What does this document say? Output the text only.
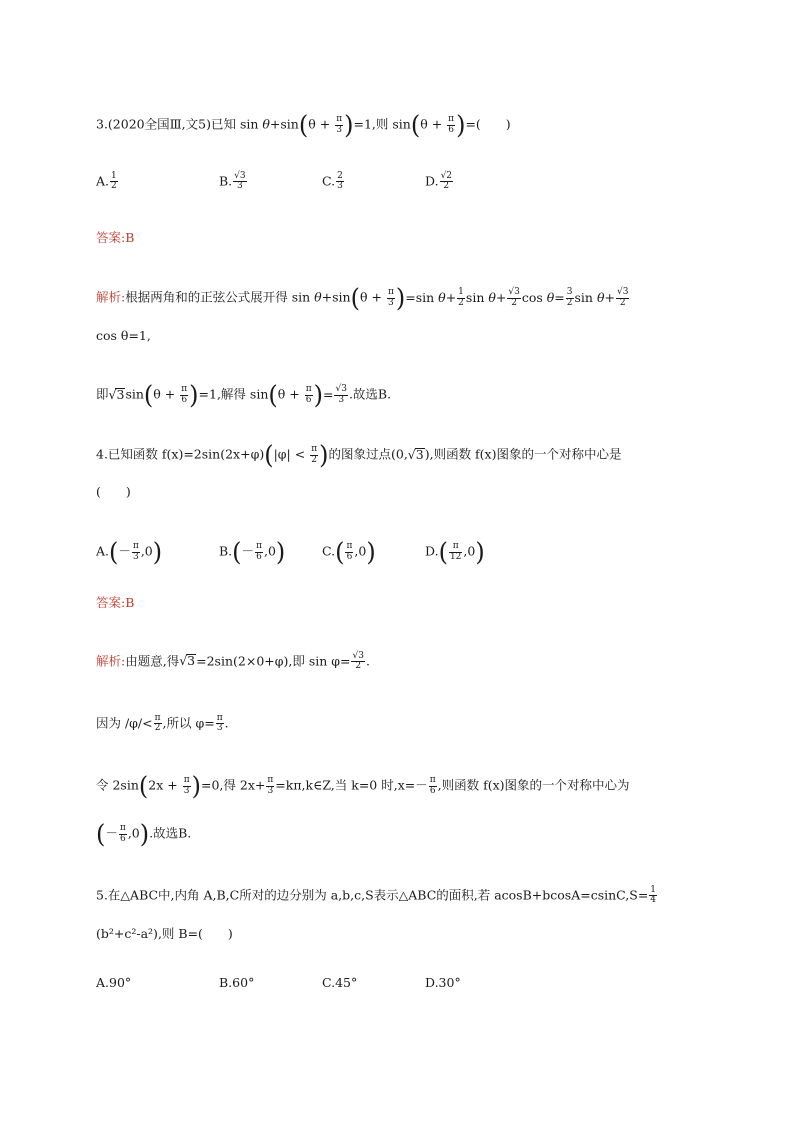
3.(2020全国Ⅲ,文5)已知 $\sin \theta+\sin(\theta + \frac{\pi}{3} )=1$,则 $\sin(\theta + \frac{\pi}{6}$ )=(　　)
A. $\frac{1}{2}$	B. $\frac{√3}{3}$	C. $\frac{2}{3}$	D. $\frac{√2}{2}$
答案:B
解析:根据两角和的正弦公式展开得 $\sin \theta+\sin(\theta + \frac{\pi}{3} )=\sin$ $\theta+ \frac{1}{2}$ $\sin \theta+ \frac{√3}{2}$ $\cos \theta= \frac{3}{2}$ $\sin \theta+ \frac{√3}{2}$
cos θ=1,
即$√3\sin(\theta + \frac{\pi}{6} )=1$,解得 $\sin(\theta + \frac{\pi}{6}$ )= $\frac{√3}{3}$ .故选B.
4.已知函数 $f(x)=2\sin(2x+\varphi)(|\varphi| < \frac{\pi}{2}$ )的图象过点(0,√3),则函数 f(x)图象的一个对称中心是
(　　)
$A.(- \frac{\pi}{3} ,0)$	$B.(- \frac{\pi}{6} ,0)$	$C.( \frac{\pi}{6} ,0)$	$D.( \frac{\pi}{12} ,0)$
答案:B
解析:由题意,得√3=2sin(2×0+φ),即 $\sin \varphi= \frac{√3}{2}$ .
因为 $/\varphi/< \frac{\pi}{2}$ ,所以 $\varphi= \frac{\pi}{3}$ .
令 $2\sin(2x + \frac{\pi}{3} )=0$,得 $2x+ \frac{\pi}{3}$ =kπ,k∈Z,当 k=0 时$,x=- \frac{\pi}{6}$ ,则函数 f(x)图象的一个对称中心为
(－ $\frac{\pi}{6} ,0$).故选B.
5.在△ABC中,内角 A,B,C所对的边分别为 a,b,c,S表示△ABC的面积,若 $acosB+bcosA=csinC,S= \frac{1}{4}$
(b²+c²-a²),则 B=(　　)
A.90°	B.60°	C.45°	D.30°
